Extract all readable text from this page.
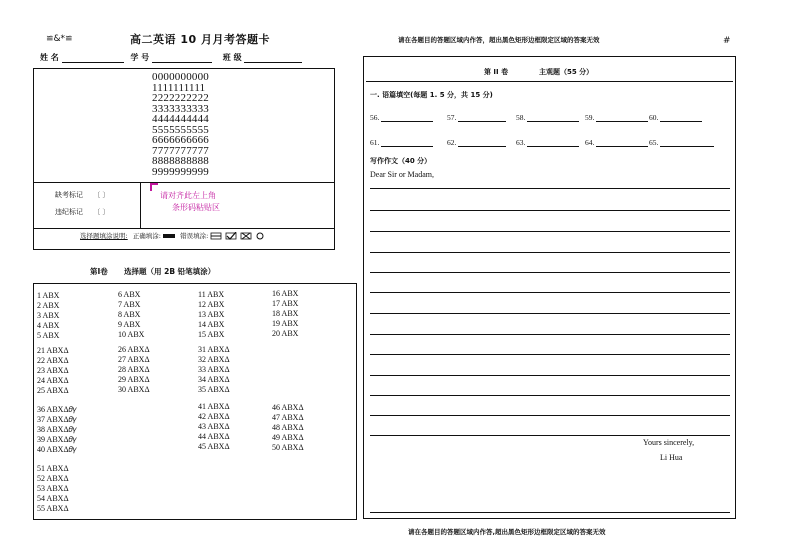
≌&*≌	高二英语 10 月月考答题卡
姓 名	学 号	班 级
0000000000
1111111111
2222222222
3333333333
4444444444
5555555555
6666666666
7777777777
8888888888
9999999999
缺考标记 〔 〕
违纪标记 〔 〕
请对齐此左上角
条形码粘贴区
选择题填涂说明: 正确填涂:	错误填涂:
第Ⅰ卷 选择题（用 2B 铅笔填涂）
1 ABX
2 ABX
3 ABX
4 ABX
5 ABX
6 ABX
7 ABX
8 ABX
9 ABX
10 ABX
11 ABX
12 ABX
13 ABX
14 ABX
15 ABX
16 ABX
17 ABX
18 ABX
19 ABX
20 ABX
21 ABXΔ
22 ABXΔ
23 ABXΔ
24 ABXΔ
25 ABXΔ
26 ABXΔ
27 ABXΔ
28 ABXΔ
29 ABXΔ
30 ABXΔ
31 ABXΔ
32 ABXΔ
33 ABXΔ
34 ABXΔ
35 ABXΔ
36 ABXΔ𝜃𝛾
37 ABXΔ𝜃𝛾
38 ABXΔ𝜃𝛾
39 ABXΔ𝜃𝛾
40 ABXΔ𝜃𝛾
41 ABXΔ
42 ABXΔ
43 ABXΔ
44 ABXΔ
45 ABXΔ
46 ABXΔ
47 ABXΔ
48 ABXΔ
49 ABXΔ
50 ABXΔ
51 ABXΔ
52 ABXΔ
53 ABXΔ
54 ABXΔ
55 ABXΔ
请在各题目的答题区域内作答，超出黑色矩形边框限定区域的答案无效	#
第 II 卷	主观题（55 分）
一. 语篇填空(每题 1. 5 分，共 15 分)
56.	57.	58.	59.	60.
61.	62.	63.	64.	65.
写作作文（40 分）
Dear Sir or Madam,
Yours sincerely,
Li Hua
请在各题目的答题区域内作答,超出黑色矩形边框限定区域的答案无效
